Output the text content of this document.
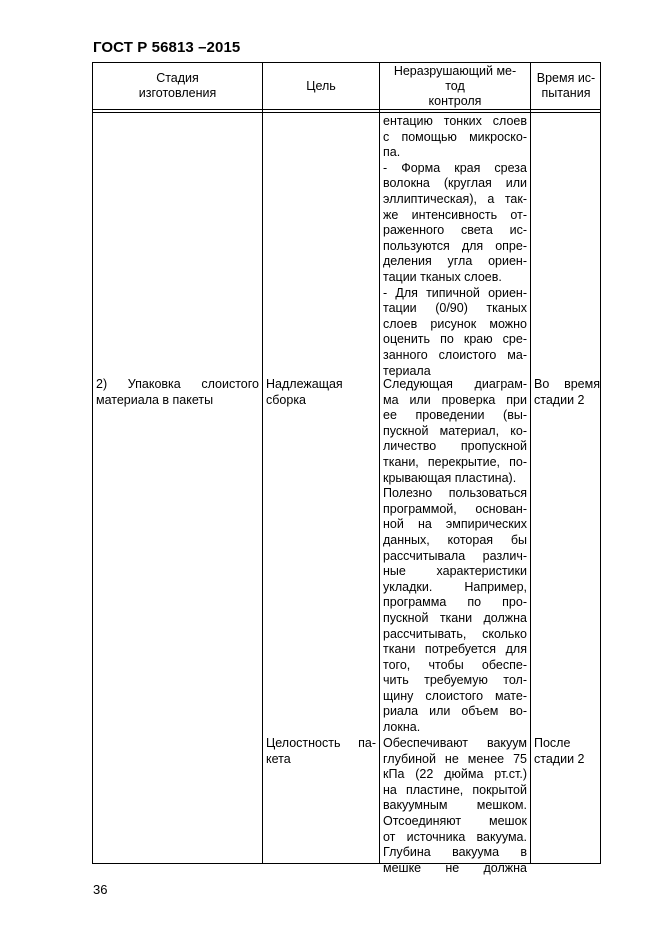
ГОСТ Р 56813 –2015
Стадия
изготовления
Цель
Неразрушающий ме-
тод
контроля
Время ис-
пытания
ентацию тонких слоев
с помощью микроско-
па.
- Форма края среза
волокна (круглая или
эллиптическая), а так-
же интенсивность от-
раженного света ис-
пользуются для опре-
деления угла ориен-
тации тканых слоев.
- Для типичной ориен-
тации (0/90) тканых
слоев рисунок можно
оценить по краю сре-
занного слоистого ма-
териала
2) Упаковка слоистого
материала в пакеты
Надлежащая
сборка
Следующая диаграм-
ма или проверка при
ее проведении (вы-
пускной материал, ко-
личество пропускной
ткани, перекрытие, по-
крывающая пластина).
Полезно пользоваться
программой, основан-
ной на эмпирических
данных, которая бы
рассчитывала различ-
ные характеристики
укладки. Например,
программа по про-
пускной ткани должна
рассчитывать, сколько
ткани потребуется для
того, чтобы обеспе-
чить требуемую тол-
щину слоистого мате-
риала или объем во-
локна.
Во время
стадии 2
Целостность па-
кета
Обеспечивают вакуум
глубиной не менее 75
кПа (22 дюйма рт.ст.)
на пластине, покрытой
вакуумным мешком.
Отсоединяют мешок
от источника вакуума.
Глубина вакуума в
мешке не должна
После
стадии 2
36
